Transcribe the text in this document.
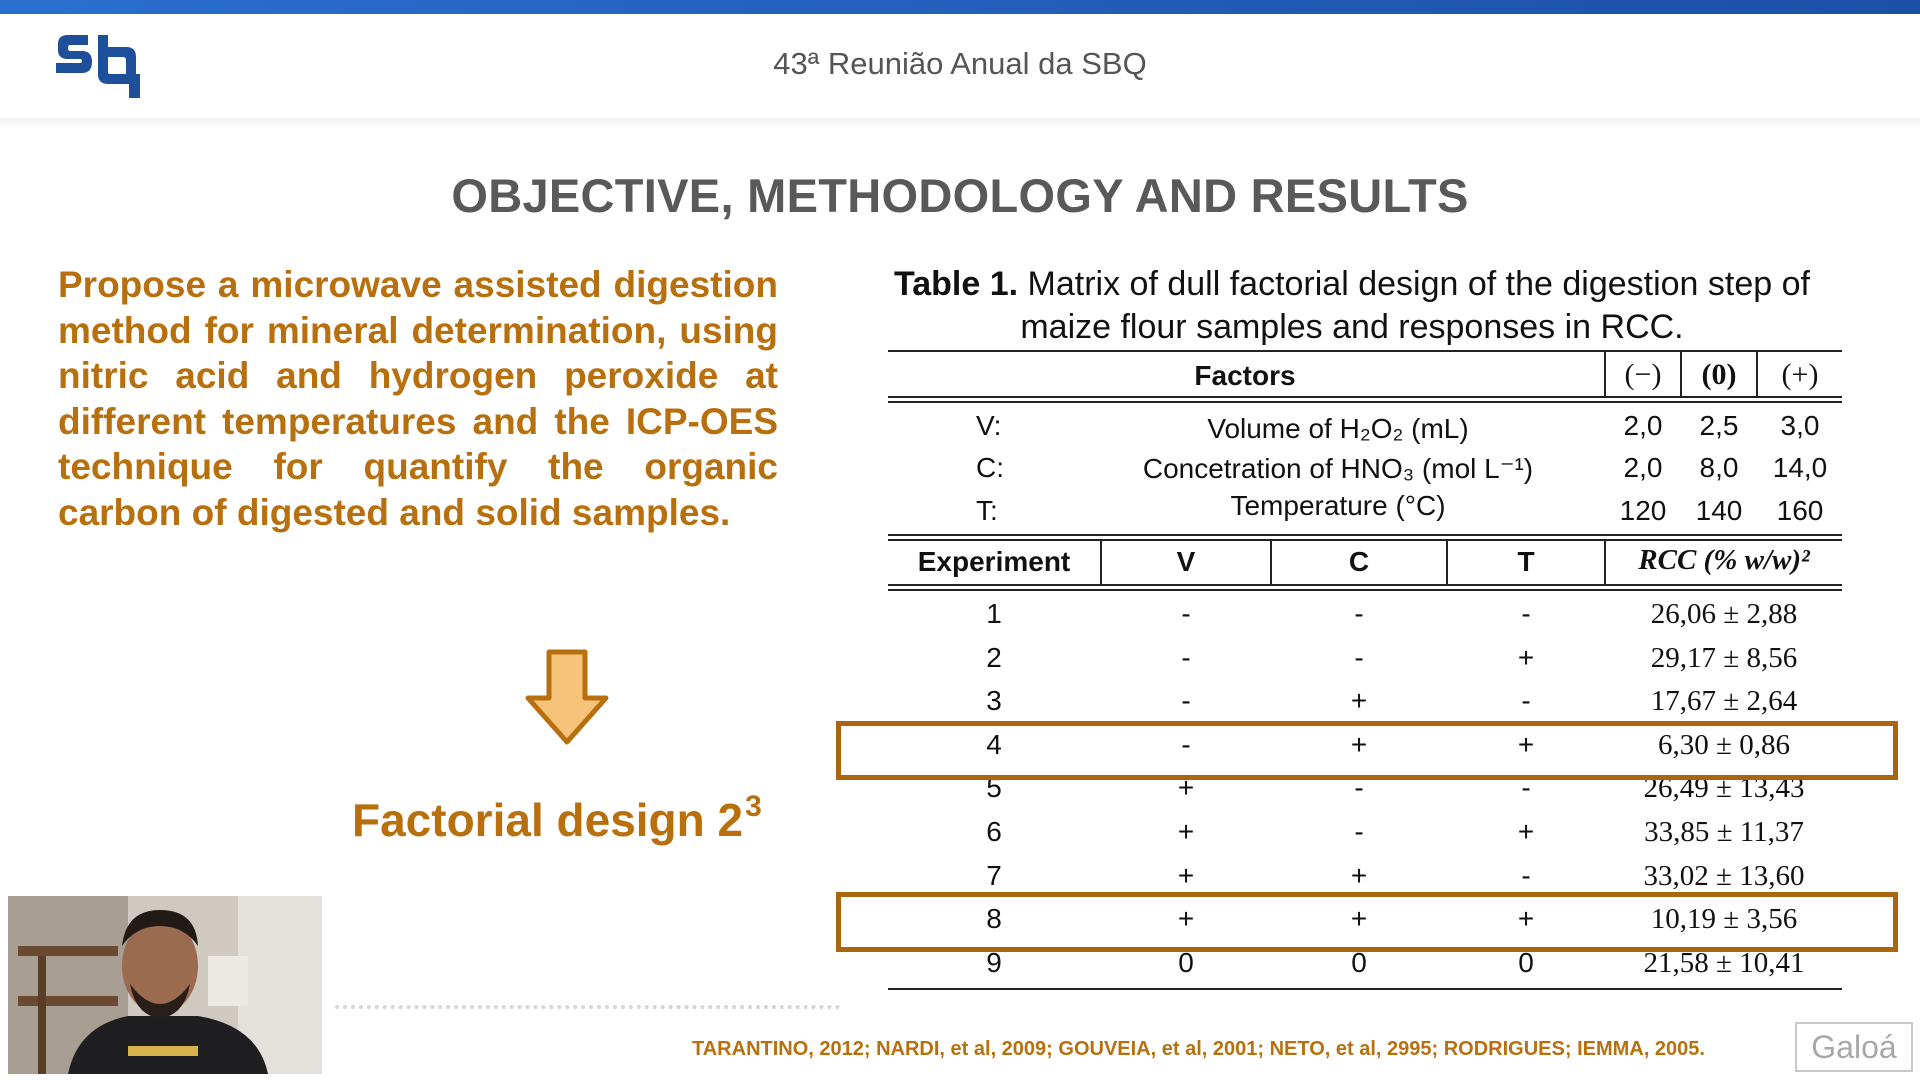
43ª Reunião Anual da SBQ
OBJECTIVE, METHODOLOGY AND RESULTS
Propose a microwave assisted digestion method for mineral determination, using nitric acid and hydrogen peroxide at different temperatures and the ICP-OES technique for quantify the organic carbon of digested and solid samples.
Factorial design $2^3$
Table 1. Matrix of dull factorial design of the digestion step of maize flour samples and responses in RCC.
Factors	(−)	(0)	(+)
V:	Volume of H₂O₂ (mL)	2,0	2,5	3,0
C:	Concetration of HNO₃ (mol L⁻¹)	2,0	8,0	14,0
T:	Temperature (°C)	120	140	160
Experiment	V	C	T	RCC (% w/w)²
1	-	-	-	26,06 ± 2,88
2	-	-	+	29,17 ± 8,56
3	-	+	-	17,67 ± 2,64
4	-	+	+	6,30 ± 0,86
5	+	-	-	26,49 ± 13,43
6	+	-	+	33,85 ± 11,37
7	+	+	-	33,02 ± 13,60
8	+	+	+	10,19 ± 3,56
9	0	0	0	21,58 ± 10,41
TARANTINO, 2012; NARDI, et al, 2009; GOUVEIA, et al, 2001; NETO, et al, 2995; RODRIGUES; IEMMA, 2005.	Galoá
